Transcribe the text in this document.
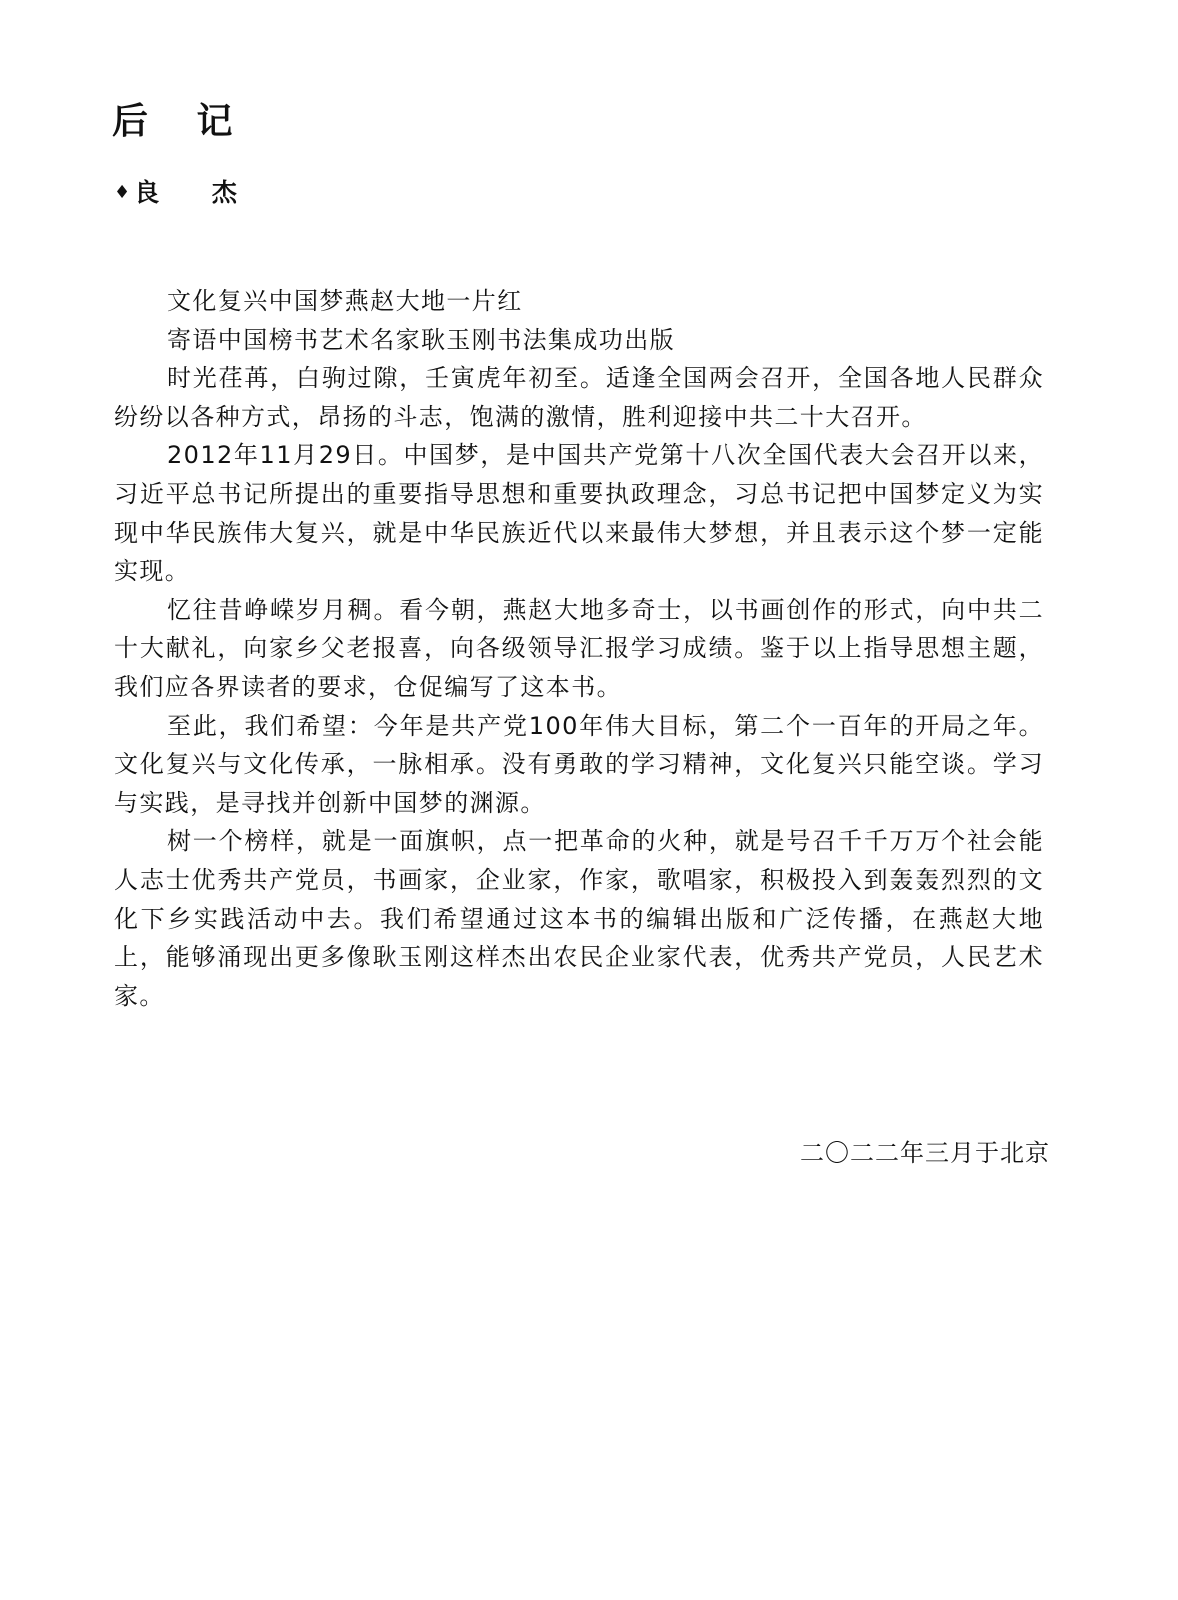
后 记
♦ 良 杰

文化复兴中国梦燕赵大地一片红

寄语中国榜书艺术名家耿玉刚书法集成功出版

时光荏苒，白驹过隙，壬寅虎年初至。适逢全国两会召开，全国各地人民群众纷纷以各种方式，昂扬的斗志，饱满的激情，胜利迎接中共二十大召开。

2012年11月29日。中国梦，是中国共产党第十八次全国代表大会召开以来，习近平总书记所提出的重要指导思想和重要执政理念，习总书记把中国梦定义为实现中华民族伟大复兴，就是中华民族近代以来最伟大梦想，并且表示这个梦一定能实现。

忆往昔峥嵘岁月稠。看今朝，燕赵大地多奇士，以书画创作的形式，向中共二十大献礼，向家乡父老报喜，向各级领导汇报学习成绩。鉴于以上指导思想主题，我们应各界读者的要求，仓促编写了这本书。

至此，我们希望：今年是共产党100年伟大目标，第二个一百年的开局之年。文化复兴与文化传承，一脉相承。没有勇敢的学习精神，文化复兴只能空谈。学习与实践，是寻找并创新中国梦的渊源。

树一个榜样，就是一面旗帜，点一把革命的火种，就是号召千千万万个社会能人志士优秀共产党员，书画家，企业家，作家，歌唱家，积极投入到轰轰烈烈的文化下乡实践活动中去。我们希望通过这本书的编辑出版和广泛传播，在燕赵大地上，能够涌现出更多像耿玉刚这样杰出农民企业家代表，优秀共产党员，人民艺术家。

二〇二二年三月于北京
